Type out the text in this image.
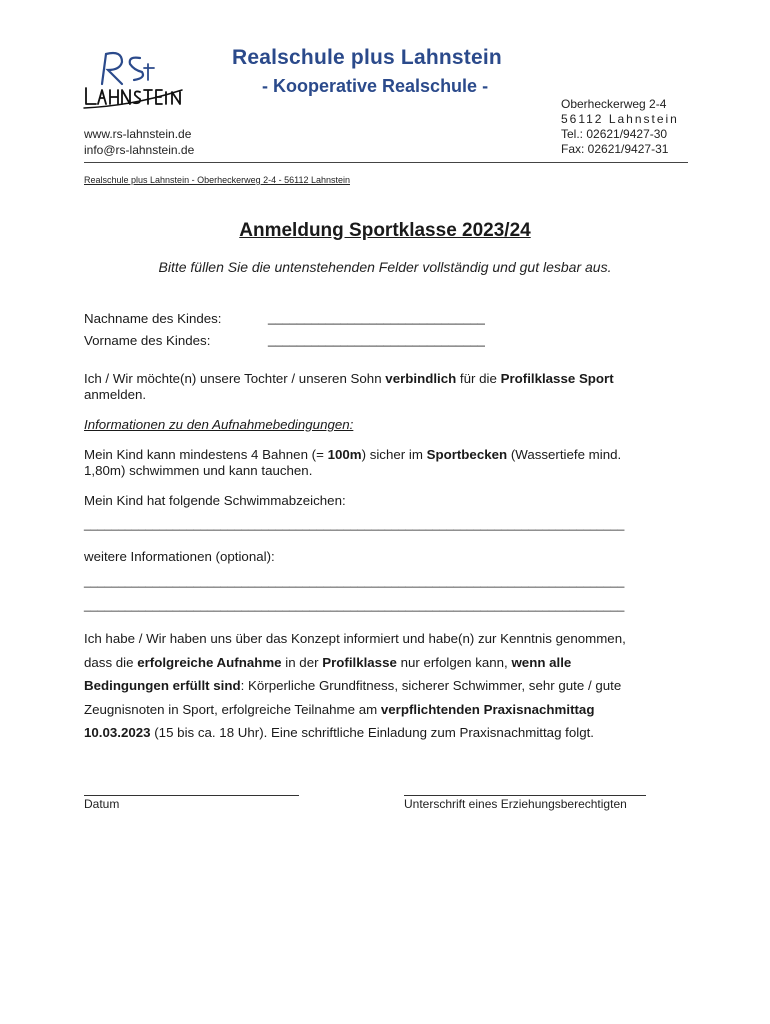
Realschule plus Lahnstein
- Kooperative Realschule -
www.rs-lahnstein.de
info@rs-lahnstein.de
Oberheckerweg 2-4
56112 Lahnstein
Tel.: 02621/9427-30
Fax: 02621/9427-31
Realschule plus Lahnstein - Oberheckerweg 2-4 - 56112 Lahnstein
Anmeldung Sportklasse 2023/24
Bitte füllen Sie die untenstehenden Felder vollständig und gut lesbar aus.
Nachname des Kindes:	______________________________
Vorname des Kindes:	______________________________
Ich / Wir möchte(n) unsere Tochter / unseren Sohn verbindlich für die Profilklasse Sport
anmelden.
Informationen zu den Aufnahmebedingungen:
Mein Kind kann mindestens 4 Bahnen (= 100m) sicher im Sportbecken (Wassertiefe mind.
1,80m) schwimmen und kann tauchen.
Mein Kind hat folgende Schwimmabzeichen:
_______________________________________________________________________________
weitere Informationen (optional):
_______________________________________________________________________________
_______________________________________________________________________________
Ich habe / Wir haben uns über das Konzept informiert und habe(n) zur Kenntnis genommen,
dass die erfolgreiche Aufnahme in der Profilklasse nur erfolgen kann, wenn alle
Bedingungen erfüllt sind: Körperliche Grundfitness, sicherer Schwimmer, sehr gute / gute
Zeugnisnoten in Sport, erfolgreiche Teilnahme am verpflichtenden Praxisnachmittag
10.03.2023 (15 bis ca. 18 Uhr). Eine schriftliche Einladung zum Praxisnachmittag folgt.
Datum	Unterschrift eines Erziehungsberechtigten
